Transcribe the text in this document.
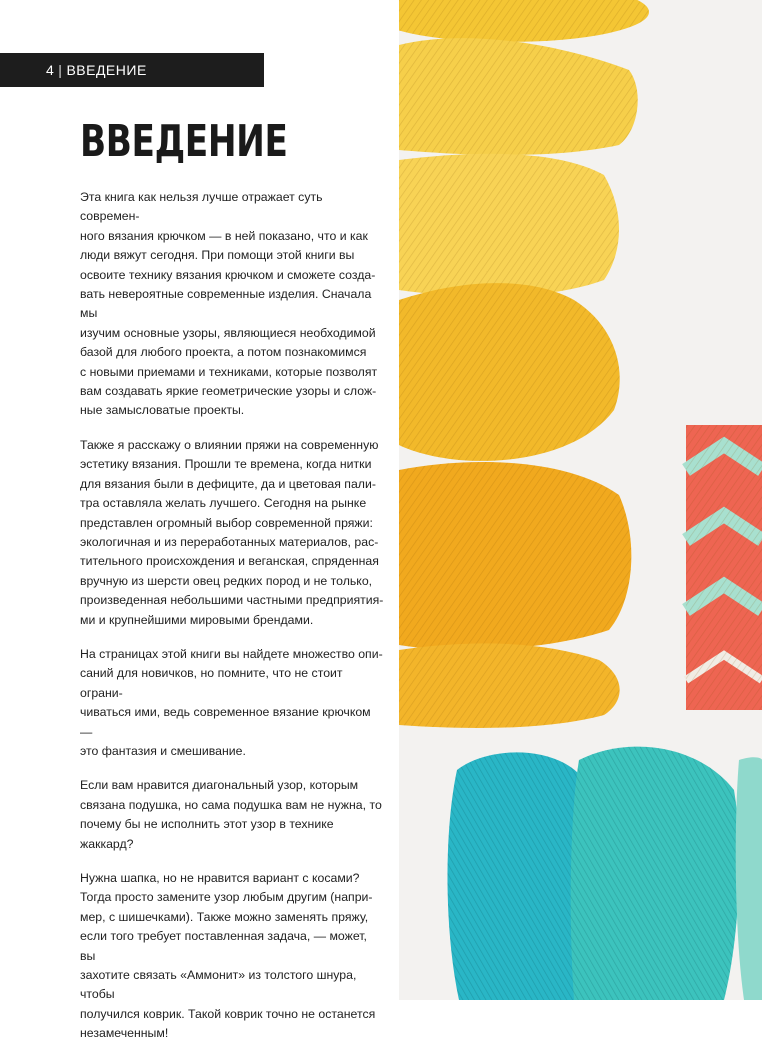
4 | ВВЕДЕНИЕ
ВВЕДЕНИЕ

Эта книга как нельзя лучше отражает суть современ-
ного вязания крючком — в ней показано, что и как
люди вяжут сегодня. При помощи этой книги вы
освоите технику вязания крючком и сможете созда-
вать невероятные современные изделия. Сначала мы
изучим основные узоры, являющиеся необходимой
базой для любого проекта, а потом познакомимся
с новыми приемами и техниками, которые позволят
вам создавать яркие геометрические узоры и слож-
ные замысловатые проекты.

Также я расскажу о влиянии пряжи на современную
эстетику вязания. Прошли те времена, когда нитки
для вязания были в дефиците, да и цветовая пали-
тра оставляла желать лучшего. Сегодня на рынке
представлен огромный выбор современной пряжи:
экологичная и из переработанных материалов, рас-
тительного происхождения и веганская, спряденная
вручную из шерсти овец редких пород и не только,
произведенная небольшими частными предприятия-
ми и крупнейшими мировыми брендами.

На страницах этой книги вы найдете множество опи-
саний для новичков, но помните, что не стоит ограни-
чиваться ими, ведь современное вязание крючком —
это фантазия и смешивание.

Если вам нравится диагональный узор, которым
связана подушка, но сама подушка вам не нужна, то
почему бы не исполнить этот узор в технике жаккард?

Нужна шапка, но не нравится вариант с косами?
Тогда просто замените узор любым другим (напри-
мер, с шишечками). Также можно заменять пряжу,
если того требует поставленная задача, — может, вы
захотите связать «Аммонит» из толстого шнура, чтобы
получился коврик. Такой коврик точно не останется
незамеченным!
